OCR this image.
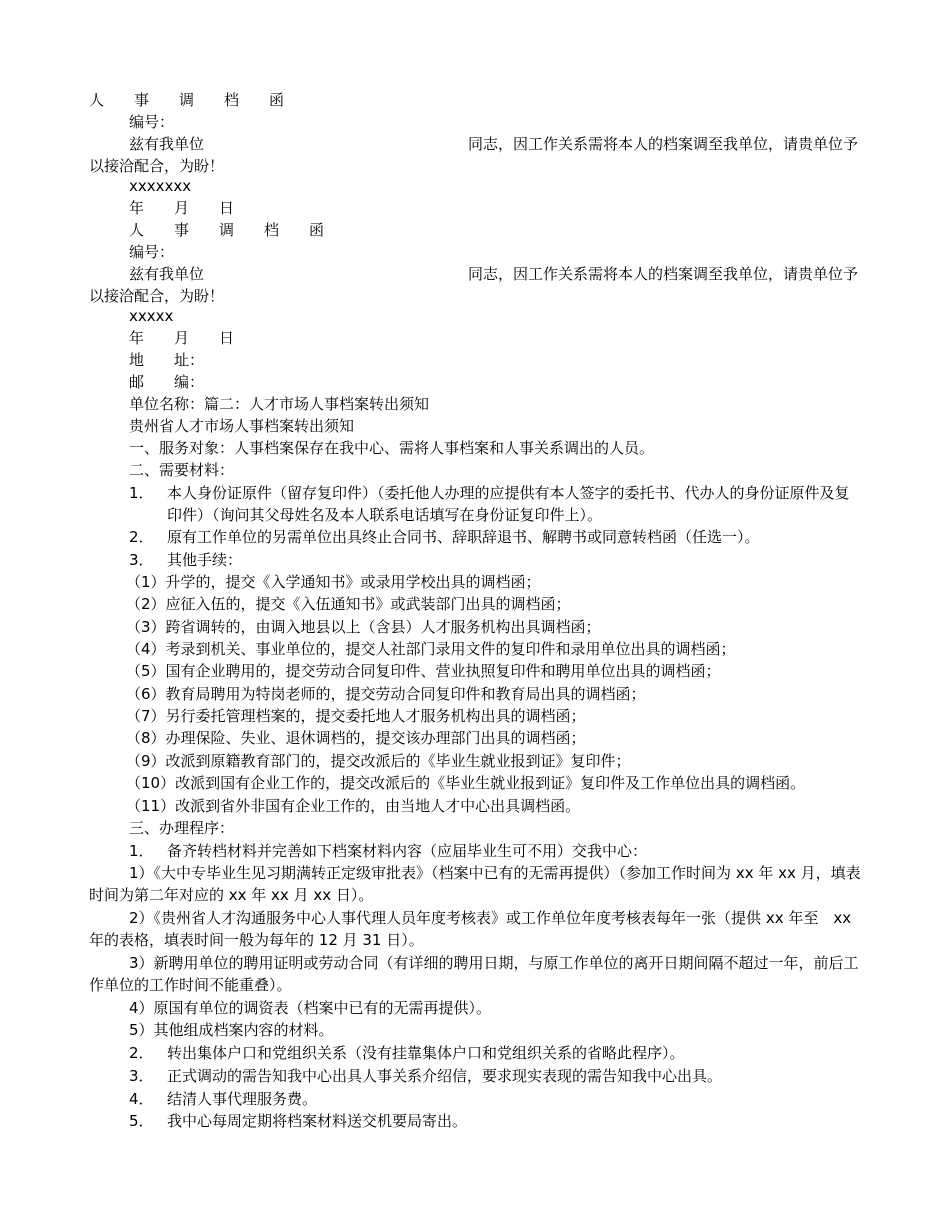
人　　事　　调　　档　　函
编号：
兹有我单位	同志，因工作关系需将本人的档案调至我单位，请贵单位予
以接洽配合，为盼！
xxxxxxx
年　　月　　日
人　　事　　调　　档　　函
编号：
兹有我单位	同志，因工作关系需将本人的档案调至我单位，请贵单位予
以接洽配合，为盼！
xxxxx
年　　月　　日
地　　址：
邮　　编：
单位名称：篇二：人才市场人事档案转出须知
贵州省人才市场人事档案转出须知
一、服务对象：人事档案保存在我中心、需将人事档案和人事关系调出的人员。
二、需要材料：
1． 本人身份证原件（留存复印件）（委托他人办理的应提供有本人签字的委托书、代办人的身份证原件及复印件）（询问其父母姓名及本人联系电话填写在身份证复印件上）。
2． 原有工作单位的另需单位出具终止合同书、辞职辞退书、解聘书或同意转档函（任选一）。
3． 其他手续：
（1）升学的，提交《入学通知书》或录用学校出具的调档函；
（2）应征入伍的，提交《入伍通知书》或武装部门出具的调档函；
（3）跨省调转的，由调入地县以上（含县）人才服务机构出具调档函；
（4）考录到机关、事业单位的，提交人社部门录用文件的复印件和录用单位出具的调档函；
（5）国有企业聘用的，提交劳动合同复印件、营业执照复印件和聘用单位出具的调档函；
（6）教育局聘用为特岗老师的，提交劳动合同复印件和教育局出具的调档函；
（7）另行委托管理档案的，提交委托地人才服务机构出具的调档函；
（8）办理保险、失业、退休调档的，提交该办理部门出具的调档函；
（9）改派到原籍教育部门的，提交改派后的《毕业生就业报到证》复印件；
（10）改派到国有企业工作的，提交改派后的《毕业生就业报到证》复印件及工作单位出具的调档函。
（11）改派到省外非国有企业工作的，由当地人才中心出具调档函。
三、办理程序：
1． 备齐转档材料并完善如下档案材料内容（应届毕业生可不用）交我中心：
1）《大中专毕业生见习期满转正定级审批表》（档案中已有的无需再提供）（参加工作时间为 xx 年 xx 月，填表时间为第二年对应的 xx 年 xx 月 xx 日）。
2）《贵州省人才沟通服务中心人事代理人员年度考核表》或工作单位年度考核表每年一张（提供 xx 年至　xx 年的表格，填表时间一般为每年的 12 月 31 日）。
3）新聘用单位的聘用证明或劳动合同（有详细的聘用日期，与原工作单位的离开日期间隔不超过一年，前后工作单位的工作时间不能重叠）。
4）原国有单位的调资表（档案中已有的无需再提供）。
5）其他组成档案内容的材料。
2． 转出集体户口和党组织关系（没有挂靠集体户口和党组织关系的省略此程序）。
3． 正式调动的需告知我中心出具人事关系介绍信，要求现实表现的需告知我中心出具。
4． 结清人事代理服务费。
5． 我中心每周定期将档案材料送交机要局寄出。
